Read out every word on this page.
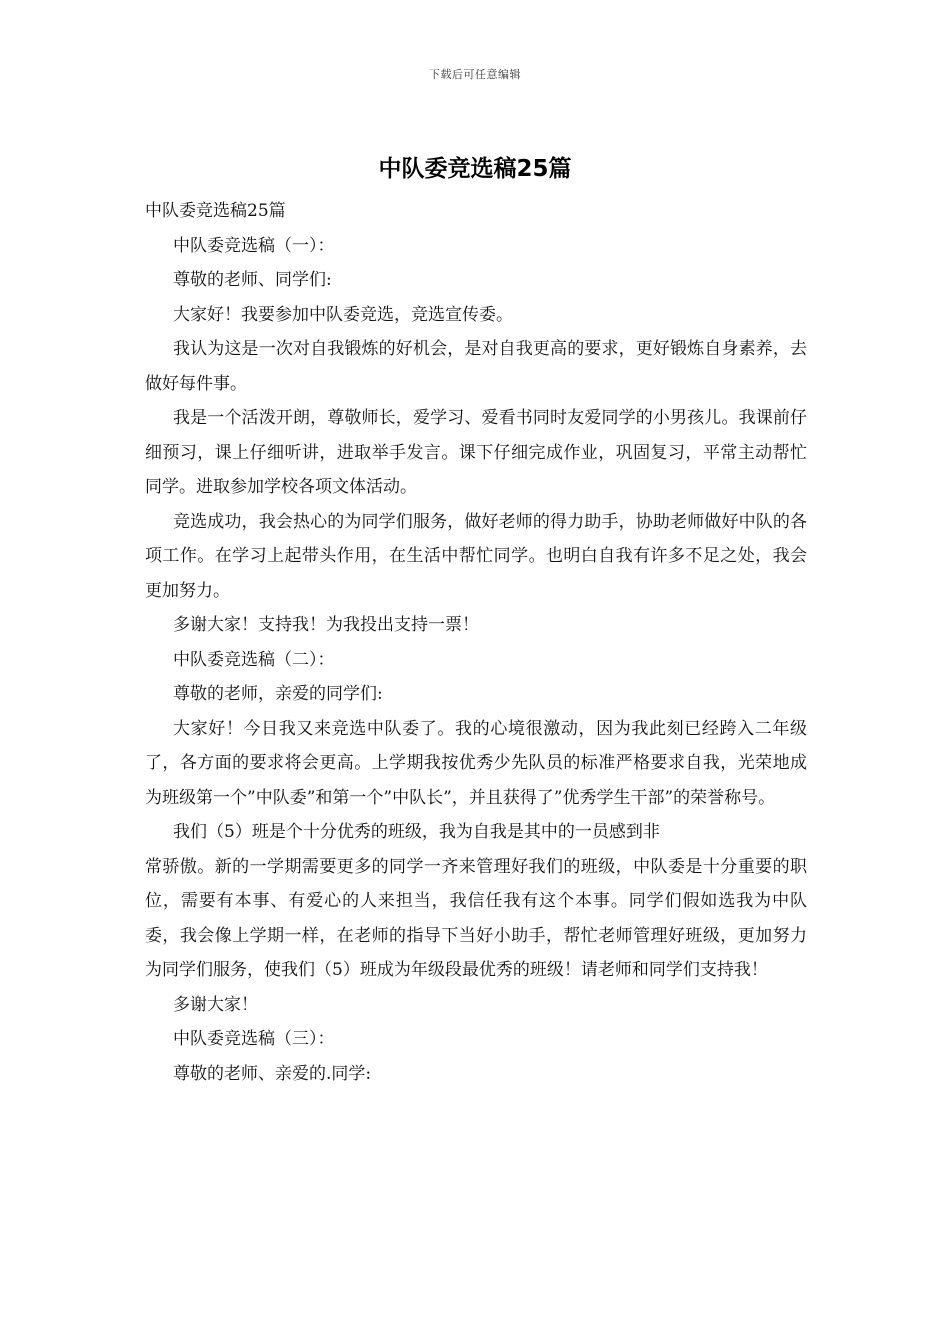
下载后可任意编辑
中队委竞选稿25篇

中队委竞选稿25篇

中队委竞选稿（一）：

尊敬的老师、同学们:

大家好！我要参加中队委竞选，竞选宣传委。

我认为这是一次对自我锻炼的好机会，是对自我更高的要求，更好锻炼自身素养，去做好每件事。

我是一个活泼开朗，尊敬师长，爱学习、爱看书同时友爱同学的小男孩儿。我课前仔细预习，课上仔细听讲，进取举手发言。课下仔细完成作业，巩固复习，平常主动帮忙同学。进取参加学校各项文体活动。

竞选成功，我会热心的为同学们服务，做好老师的得力助手，协助老师做好中队的各项工作。在学习上起带头作用，在生活中帮忙同学。也明白自我有许多不足之处，我会更加努力。

多谢大家！支持我！为我投出支持一票！

中队委竞选稿（二）：

尊敬的老师，亲爱的同学们:

大家好！今日我又来竞选中队委了。我的心境很激动，因为我此刻已经跨入二年级了，各方面的要求将会更高。上学期我按优秀少先队员的标准严格要求自我，光荣地成为班级第一个”中队委”和第一个”中队长”，并且获得了”优秀学生干部”的荣誉称号。

我们（5）班是个十分优秀的班级，我为自我是其中的一员感到非

常骄傲。新的一学期需要更多的同学一齐来管理好我们的班级，中队委是十分重要的职位，需要有本事、有爱心的人来担当，我信任我有这个本事。同学们假如选我为中队委，我会像上学期一样，在老师的指导下当好小助手，帮忙老师管理好班级，更加努力为同学们服务，使我们（5）班成为年级段最优秀的班级！请老师和同学们支持我！

多谢大家！

中队委竞选稿（三）：

尊敬的老师、亲爱的.同学:
